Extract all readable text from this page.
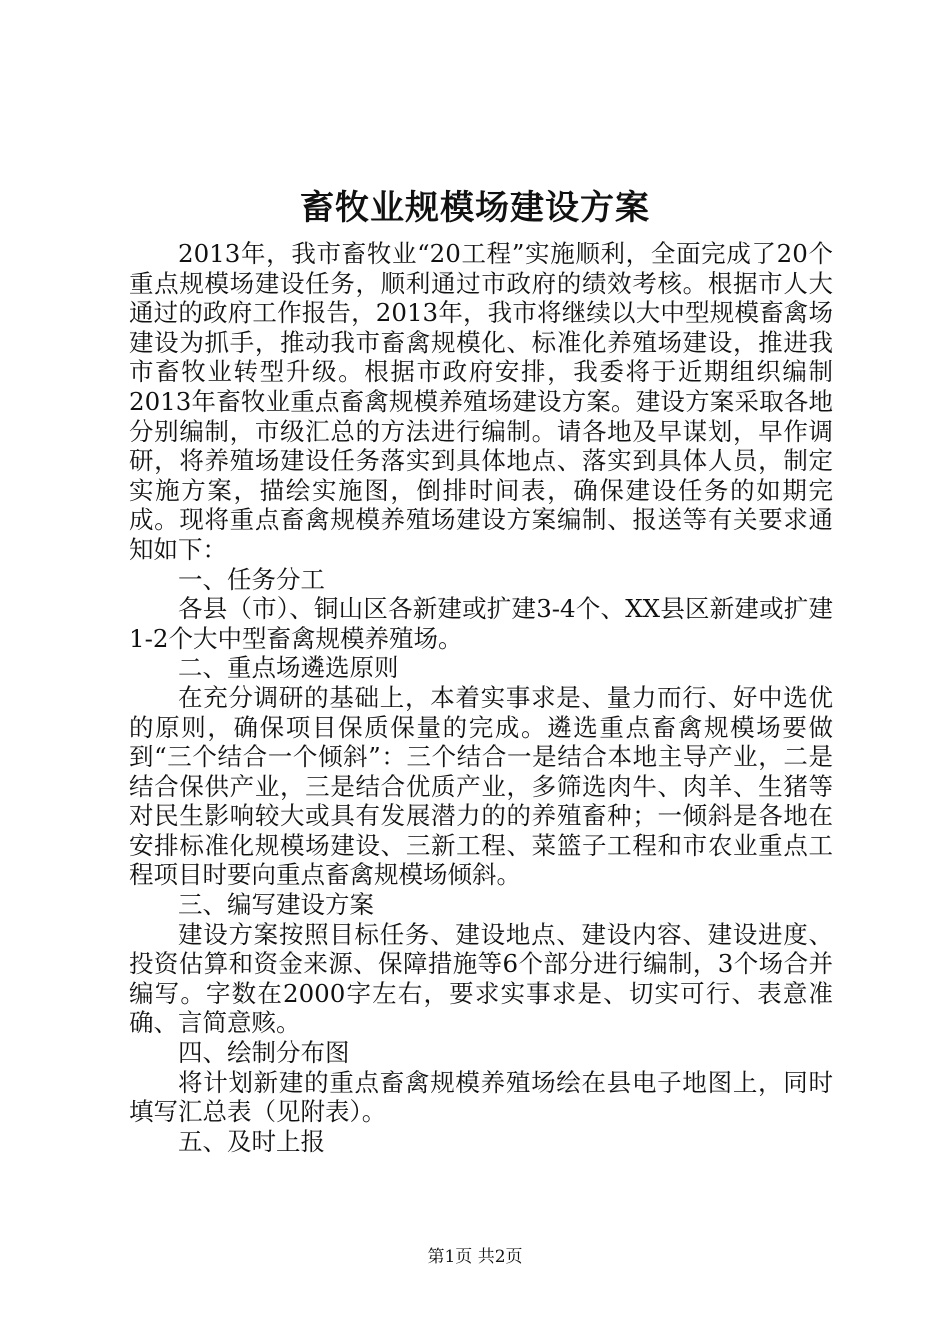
畜牧业规模场建设方案

2013年，我市畜牧业“20工程”实施顺利，全面完成了20个重点规模场建设任务，顺利通过市政府的绩效考核。根据市人大通过的政府工作报告，2013年，我市将继续以大中型规模畜禽场建设为抓手，推动我市畜禽规模化、标准化养殖场建设，推进我市畜牧业转型升级。根据市政府安排，我委将于近期组织编制2013年畜牧业重点畜禽规模养殖场建设方案。建设方案采取各地分别编制，市级汇总的方法进行编制。请各地及早谋划，早作调研，将养殖场建设任务落实到具体地点、落实到具体人员，制定实施方案，描绘实施图，倒排时间表，确保建设任务的如期完成。现将重点畜禽规模养殖场建设方案编制、报送等有关要求通知如下：

一、任务分工

各县（市）、铜山区各新建或扩建3-4个、XX县区新建或扩建1-2个大中型畜禽规模养殖场。

二、重点场遴选原则

在充分调研的基础上，本着实事求是、量力而行、好中选优的原则，确保项目保质保量的完成。遴选重点畜禽规模场要做到“三个结合一个倾斜”：三个结合一是结合本地主导产业，二是结合保供产业，三是结合优质产业，多筛选肉牛、肉羊、生猪等对民生影响较大或具有发展潜力的的养殖畜种；一倾斜是各地在安排标准化规模场建设、三新工程、菜篮子工程和市农业重点工程项目时要向重点畜禽规模场倾斜。

三、编写建设方案

建设方案按照目标任务、建设地点、建设内容、建设进度、投资估算和资金来源、保障措施等6个部分进行编制，3个场合并编写。字数在2000字左右，要求实事求是、切实可行、表意准确、言简意赅。

四、绘制分布图

将计划新建的重点畜禽规模养殖场绘在县电子地图上，同时填写汇总表（见附表）。

五、及时上报

第1页 共2页
